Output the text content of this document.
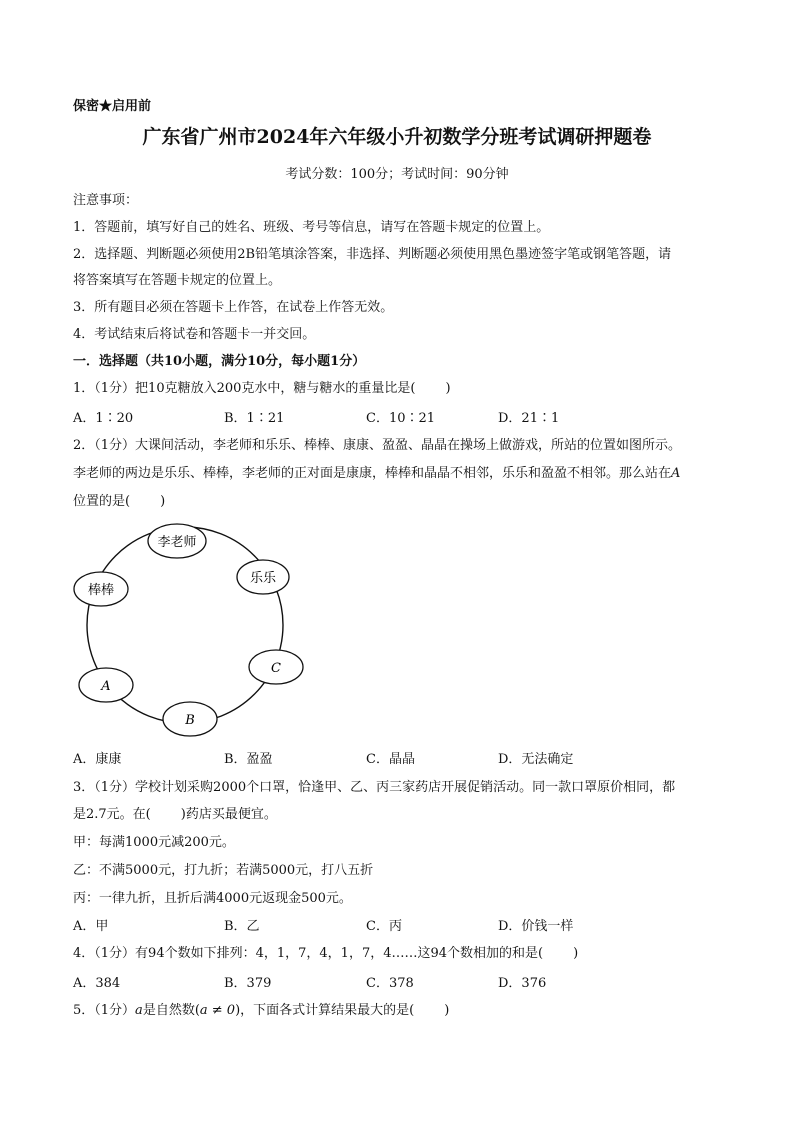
保密★启用前
广东省广州市2024年六年级小升初数学分班考试调研押题卷
考试分数：100分；考试时间：90分钟
注意事项：
1．答题前，填写好自己的姓名、班级、考号等信息，请写在答题卡规定的位置上。
2．选择题、判断题必须使用2B铅笔填涂答案，非选择、判断题必须使用黑色墨迹签字笔或钢笔答题，请
将答案填写在答题卡规定的位置上。
3．所有题目必须在答题卡上作答，在试卷上作答无效。
4．考试结束后将试卷和答题卡一并交回。
一．选择题（共10小题，满分10分，每小题1分）
1．（1分）把10克糖放入200克水中，糖与糖水的重量比是( )
A．1∶20	B．1∶21	C．10∶21	D．21∶1
2．（1分）大课间活动，李老师和乐乐、棒棒、康康、盈盈、晶晶在操场上做游戏，所站的位置如图所示。
李老师的两边是乐乐、棒棒，李老师的正对面是康康，棒棒和晶晶不相邻，乐乐和盈盈不相邻。那么站在A
位置的是( )
李老师
乐乐
棒棒
C
A
B
A．康康	B．盈盈	C．晶晶	D．无法确定
3．（1分）学校计划采购2000个口罩，恰逢甲、乙、丙三家药店开展促销活动。同一款口罩原价相同，都
是2.7元。在( )药店买最便宜。
甲：每满1000元减200元。
乙：不满5000元，打九折；若满5000元，打八五折
丙：一律九折，且折后满4000元返现金500元。
A．甲	B．乙	C．丙	D．价钱一样
4．（1分）有94个数如下排列：4，1，7，4，1，7，4……这94个数相加的和是( )
A．384	B．379	C．378	D．376
5．（1分）a是自然数(a ≠ 0)，下面各式计算结果最大的是( )
